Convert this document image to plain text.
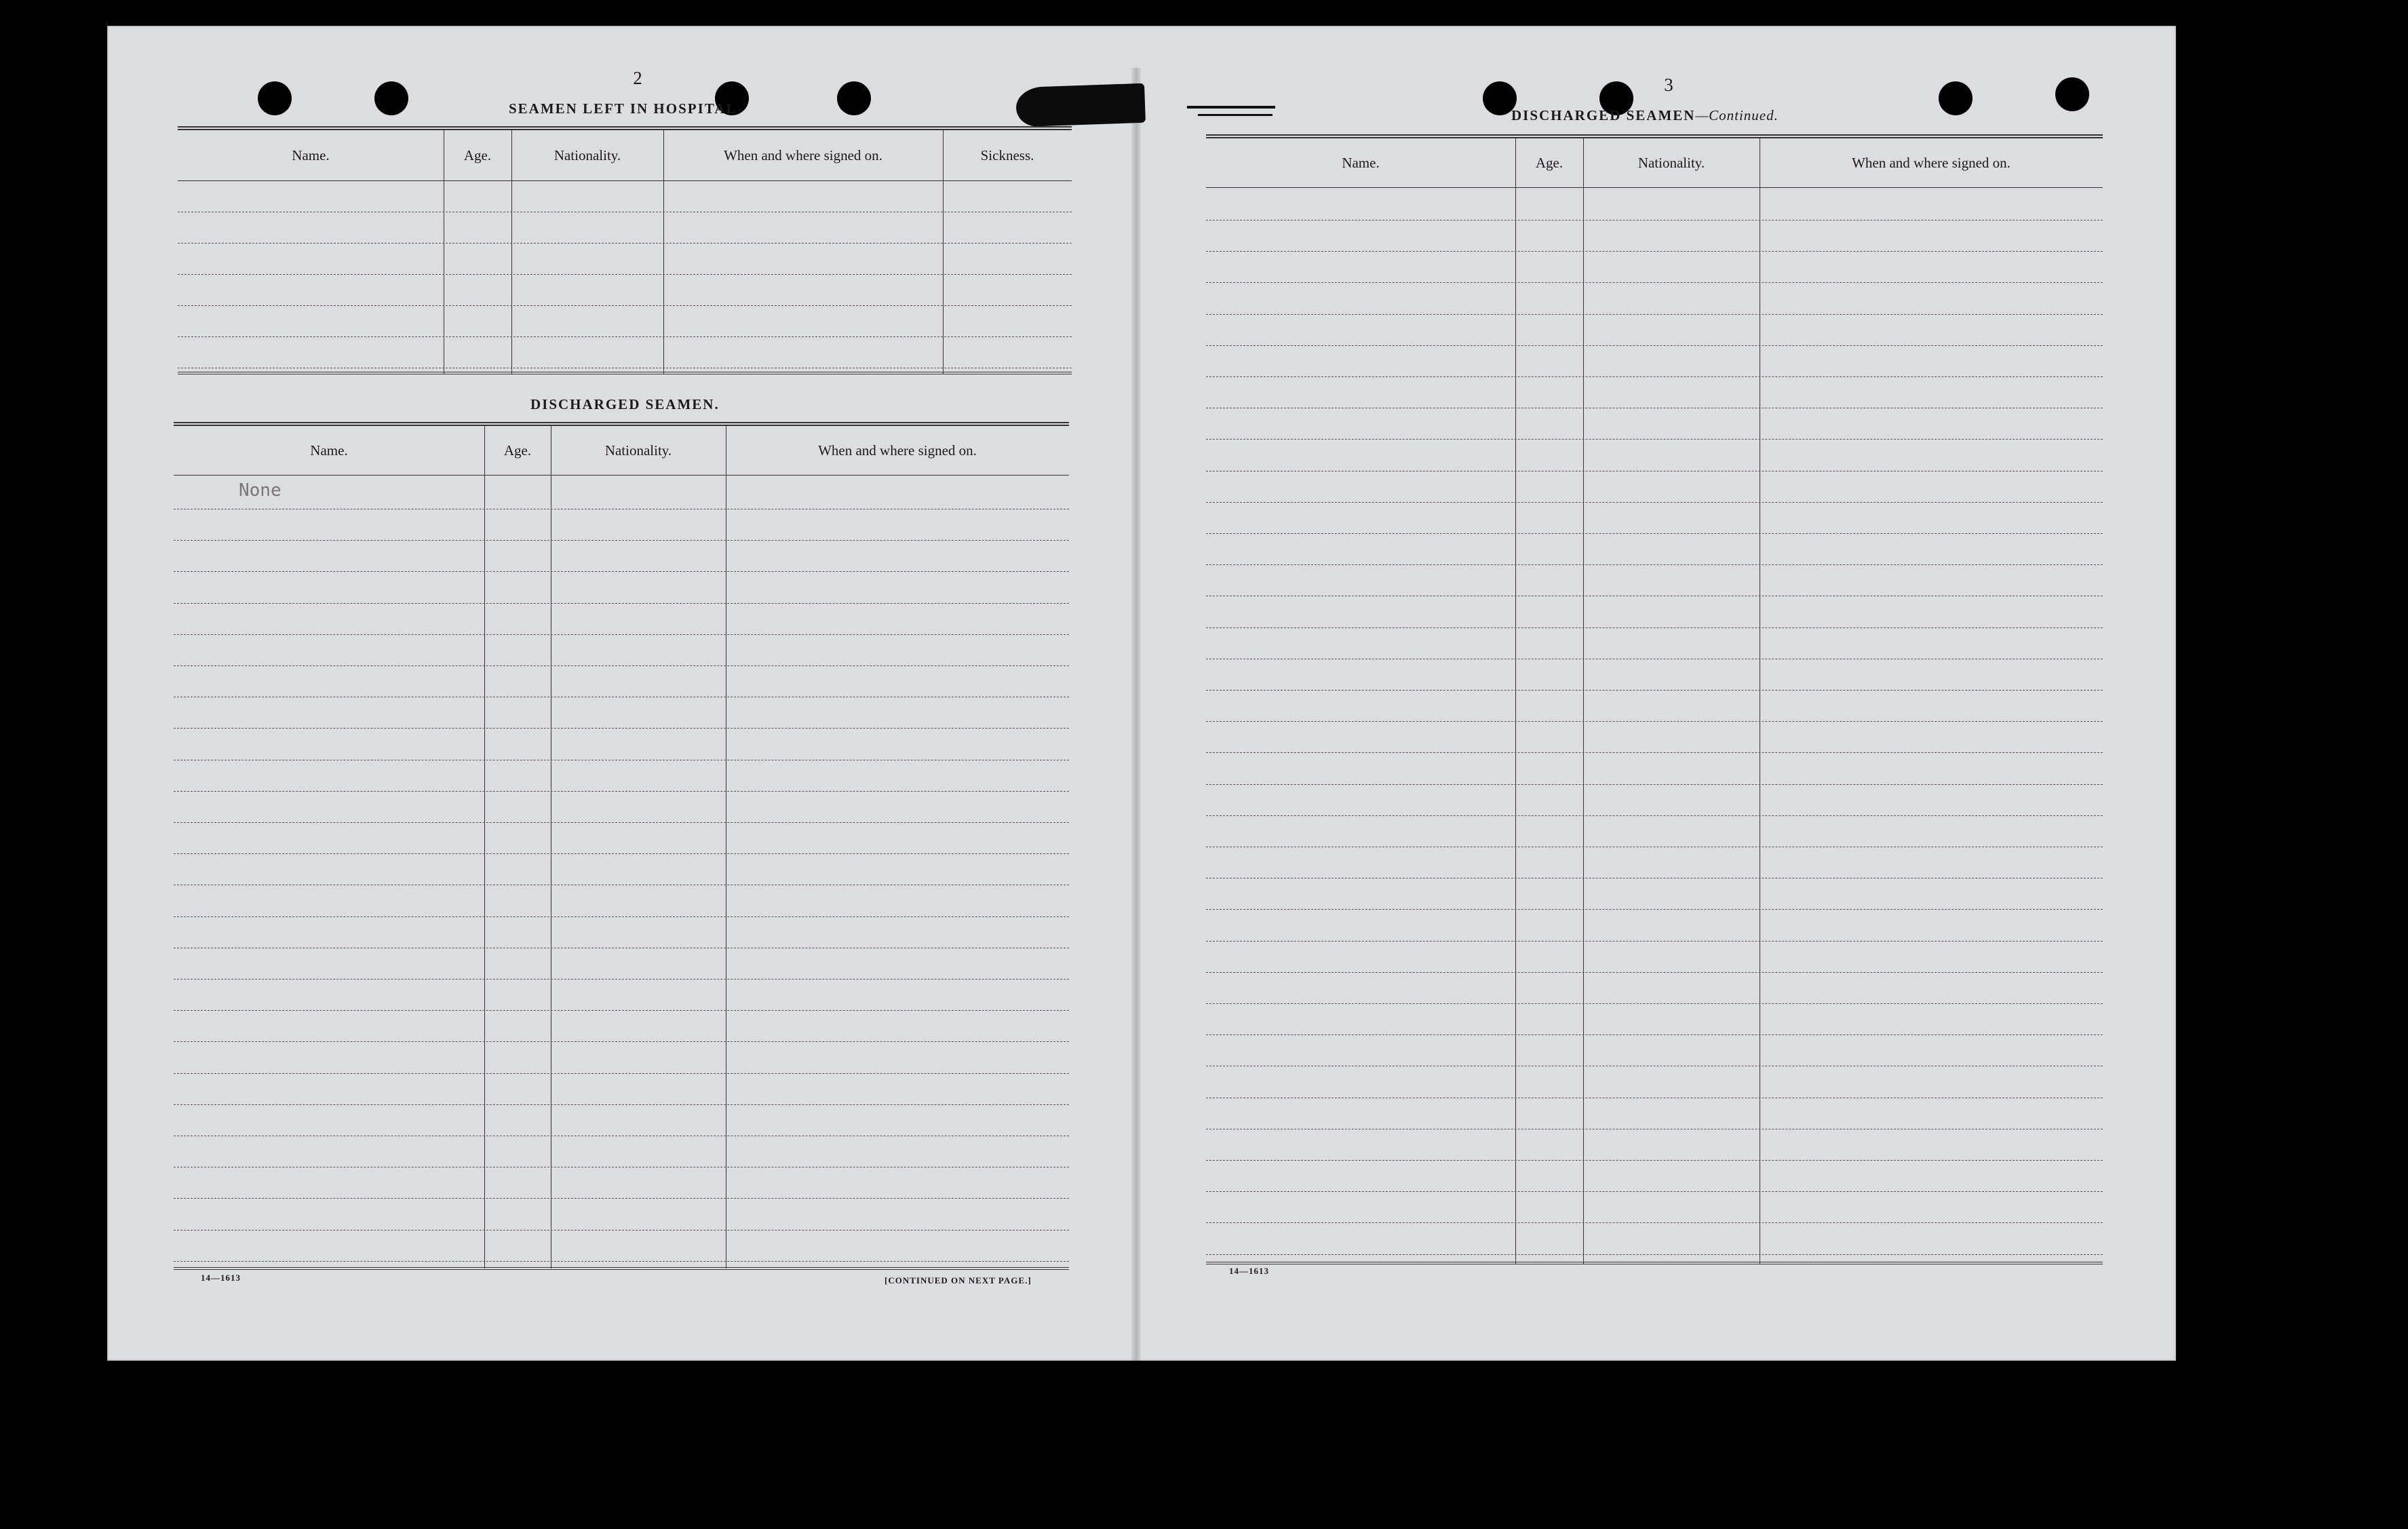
2
SEAMEN LEFT IN HOSPITAL
Name.	Age.	Nationality.	When and where signed on.	Sickness.
DISCHARGED SEAMEN.
Name.	Age.	Nationality.	When and where signed on.
None
14—1613	[CONTINUED ON NEXT PAGE.]
3
DISCHARGED SEAMEN—Continued.
Name.	Age.	Nationality.	When and where signed on.
14—1613
